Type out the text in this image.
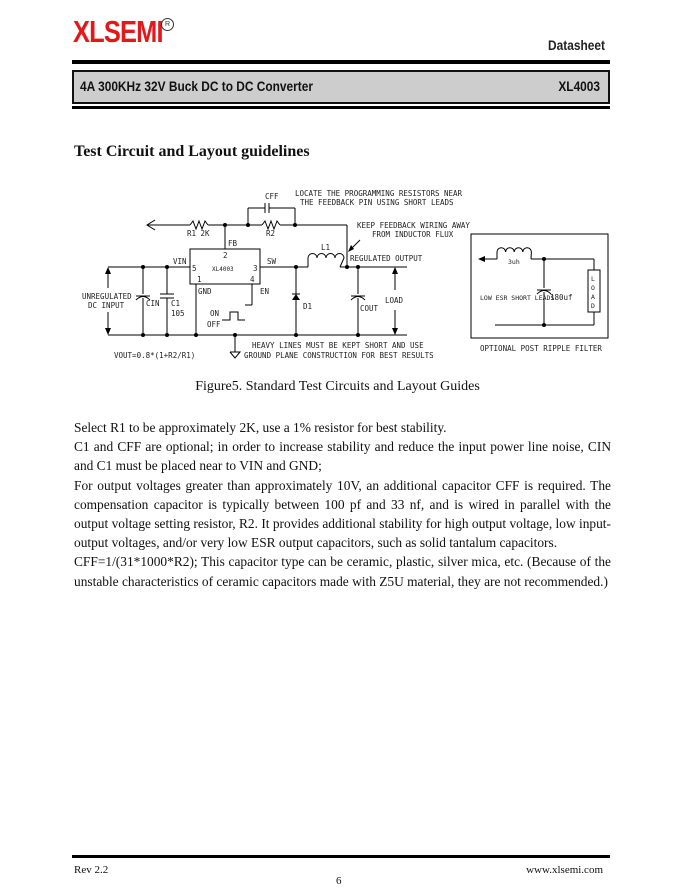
XLSEMI R
Datasheet
4A 300KHz 32V Buck DC to DC Converter	XL4003
Test Circuit and Layout guidelines
CFF LOCATE THE PROGRAMMING RESISTORS NEAR
THE FEEDBACK PIN USING SHORT LEADS
R1 2K	R2
FB
KEEP FEEDBACK WIRING AWAY
FROM INDUCTOR FLUX
L1
VIN
2
5	XL4003	3
1	4
SW	REGULATED OUTPUT
GND	EN
UNREGULATED
DC INPUT	CIN C1
105	ON
OFF
D1	COUT
LOAD
VOUT=0.8*(1+R2/R1)
HEAVY LINES MUST BE KEPT SHORT AND USE
GROUND PLANE CONSTRUCTION FOR BEST RESULTS
3uh
LOW ESR SHORT LEADS
180uf
L
O
A
D
OPTIONAL POST RIPPLE FILTER
Figure5. Standard Test Circuits and Layout Guides

Select R1 to be approximately 2K, use a 1% resistor for best stability.

C1 and CFF are optional; in order to increase stability and reduce the input power line noise, CIN and C1 must be placed near to VIN and GND;

For output voltages greater than approximately 10V, an additional capacitor CFF is required. The compensation capacitor is typically between 100 pf and 33 nf, and is wired in parallel with the output voltage setting resistor, R2. It provides additional stability for high output voltage, low input-output voltages, and/or very low ESR output capacitors, such as solid tantalum capacitors.

CFF=1/(31*1000*R2); This capacitor type can be ceramic, plastic, silver mica, etc. (Because of the unstable characteristics of ceramic capacitors made with Z5U material, they are not recommended.)

Rev 2.2
6
www.xlsemi.com
